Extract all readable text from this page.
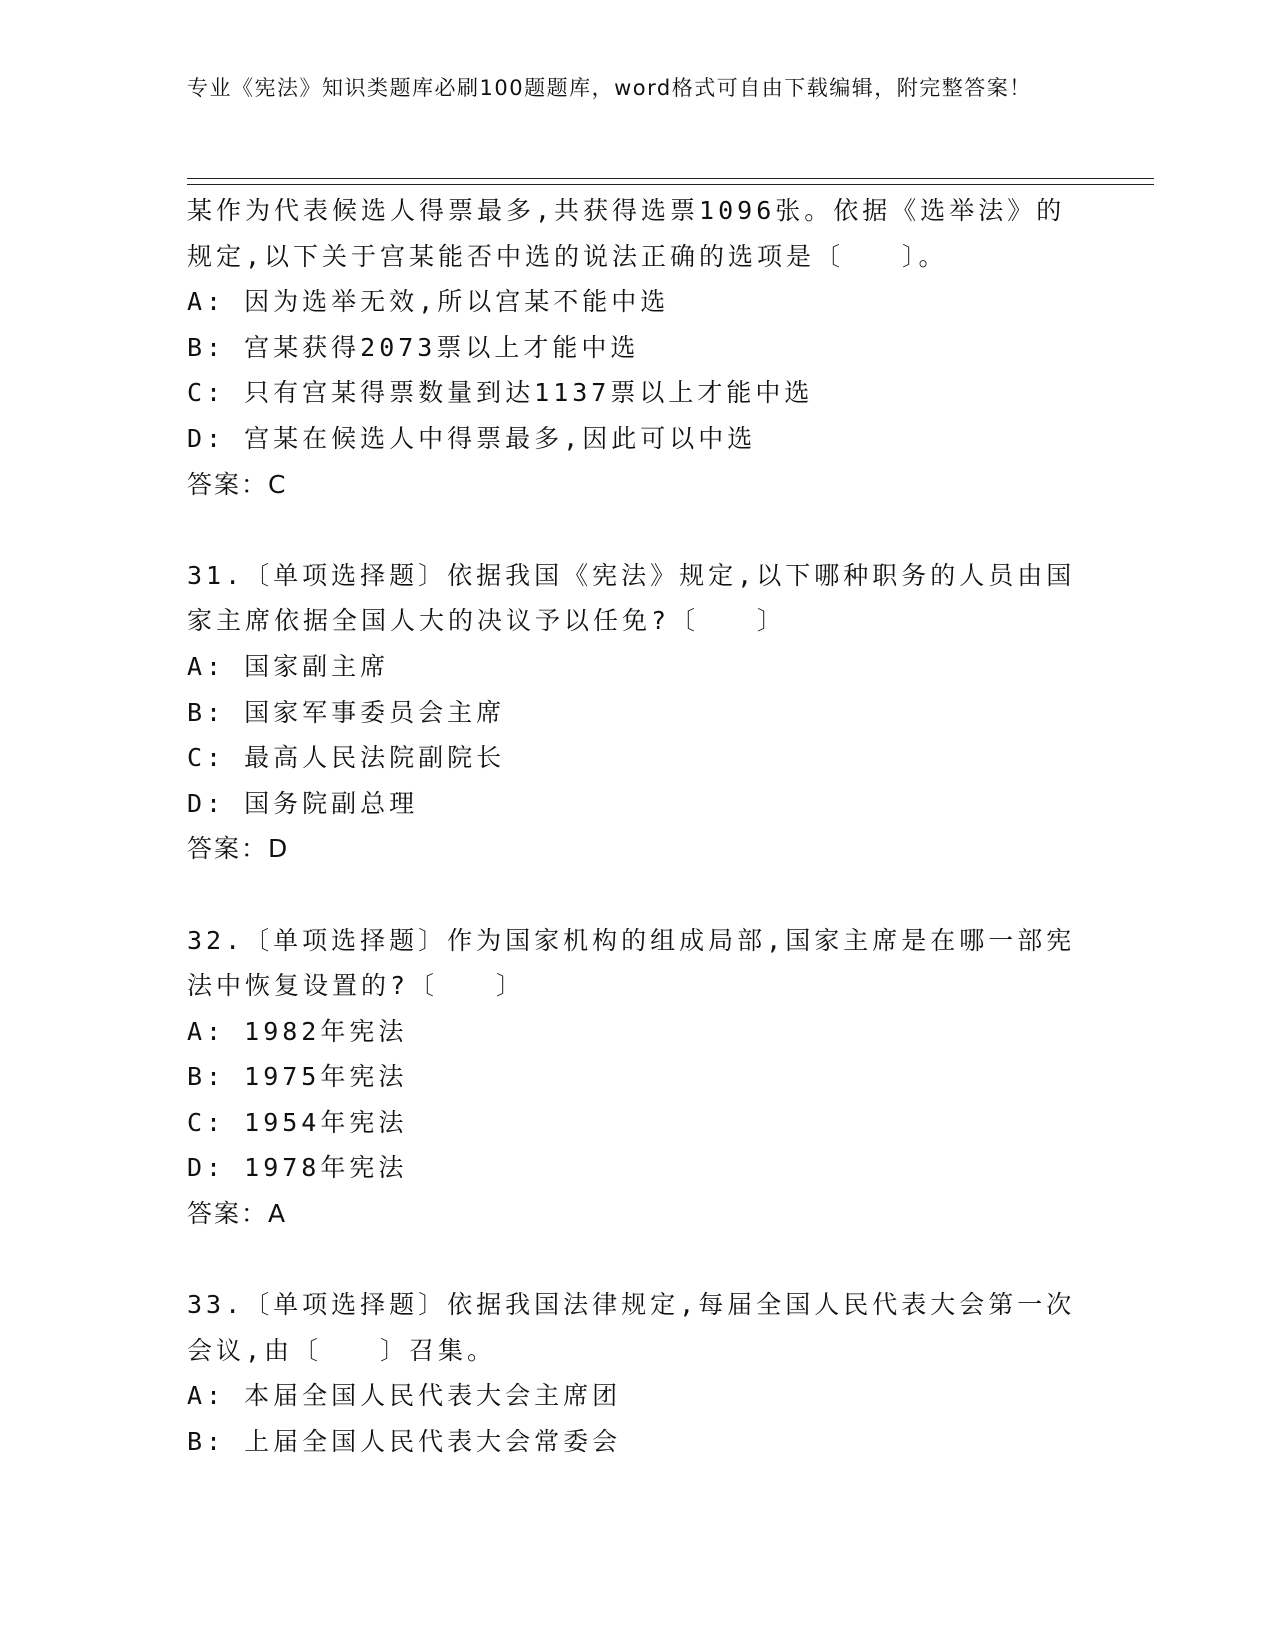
专业《宪法》知识类题库必刷100题题库，word格式可自由下载编辑，附完整答案！
某作为代表候选人得票最多,共获得选票1096张。依据《选举法》的
规定,以下关于宫某能否中选的说法正确的选项是〔　　〕。
A: 因为选举无效,所以宫某不能中选
B: 宫某获得2073票以上才能中选
C: 只有宫某得票数量到达1137票以上才能中选
D: 宫某在候选人中得票最多,因此可以中选
答案：C
31.〔单项选择题〕依据我国《宪法》规定,以下哪种职务的人员由国
家主席依据全国人大的决议予以任免?〔　　〕
A: 国家副主席
B: 国家军事委员会主席
C: 最高人民法院副院长
D: 国务院副总理
答案：D
32.〔单项选择题〕作为国家机构的组成局部,国家主席是在哪一部宪
法中恢复设置的?〔　　〕
A: 1982年宪法
B: 1975年宪法
C: 1954年宪法
D: 1978年宪法
答案：A
33.〔单项选择题〕依据我国法律规定,每届全国人民代表大会第一次
会议,由〔　　〕召集。
A: 本届全国人民代表大会主席团
B: 上届全国人民代表大会常委会
